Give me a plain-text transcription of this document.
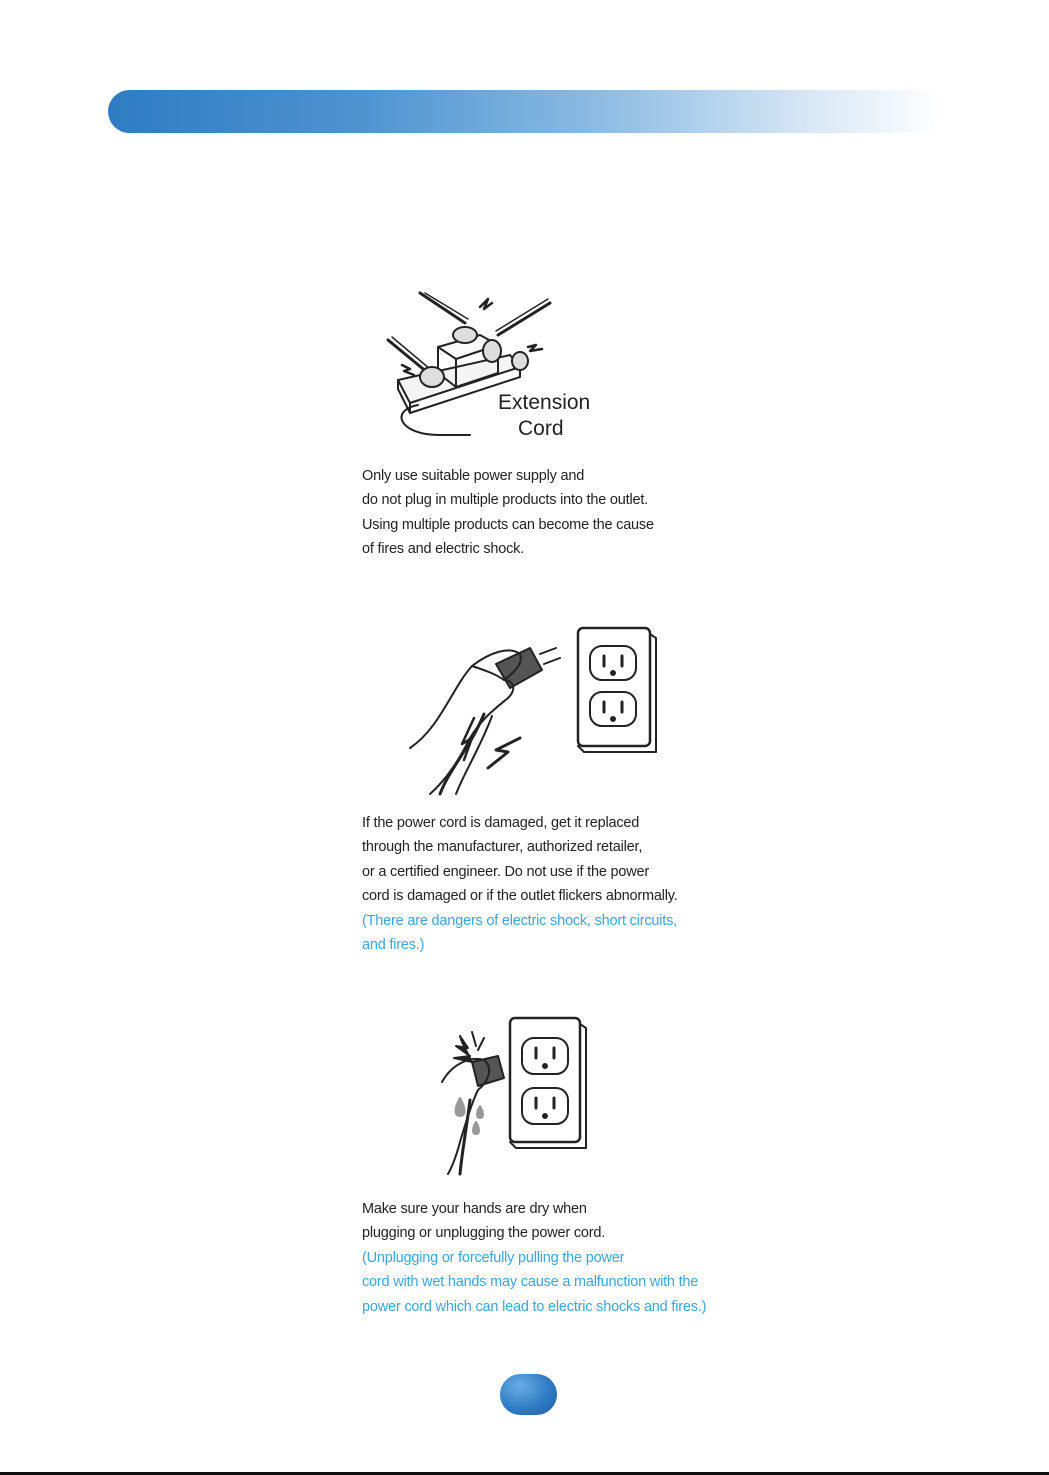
Extension
Cord
Only use suitable power supply and
do not plug in multiple products into the outlet.
Using multiple products can become the cause
of fires and electric shock.
If the power cord is damaged, get it replaced
through the manufacturer, authorized retailer,
or a certified engineer. Do not use if the power
cord is damaged or if the outlet flickers abnormally.
(There are dangers of electric shock, short circuits,
and fires.)
Make sure your hands are dry when
plugging or unplugging the power cord.
(Unplugging or forcefully pulling the power
cord with wet hands may cause a malfunction with the
power cord which can lead to electric shocks and fires.)
